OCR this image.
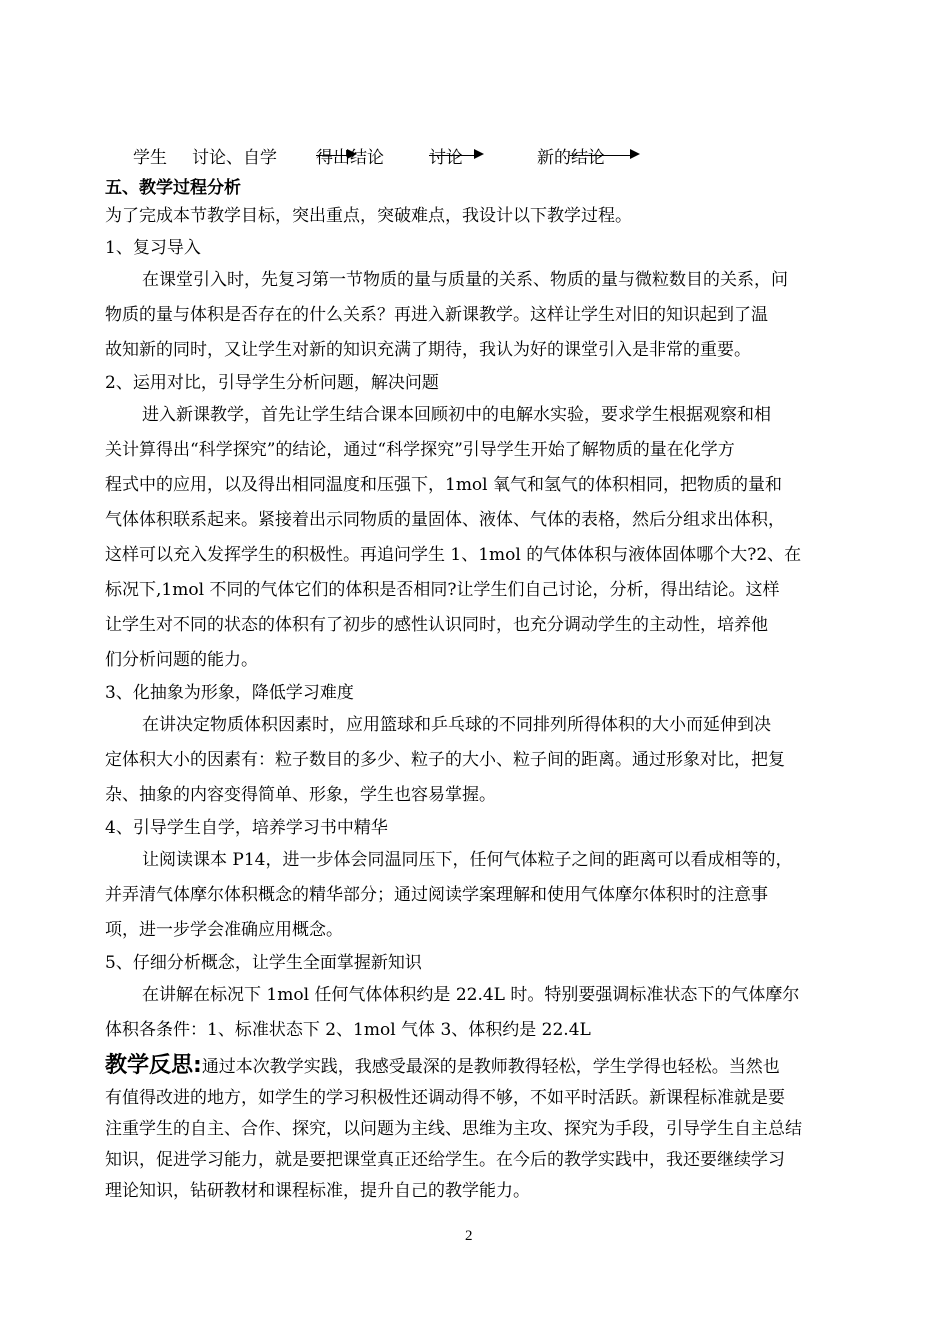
学生 讨论、自学 得出结论	讨论	新的结论
五、教学过程分析
为了完成本节教学目标，突出重点，突破难点，我设计以下教学过程。
1、复习导入
在课堂引入时，先复习第一节物质的量与质量的关系、物质的量与微粒数目的关系，问
物质的量与体积是否存在的什么关系？再进入新课教学。这样让学生对旧的知识起到了温
故知新的同时，又让学生对新的知识充满了期待，我认为好的课堂引入是非常的重要。
2、运用对比，引导学生分析问题，解决问题
进入新课教学，首先让学生结合课本回顾初中的电解水实验，要求学生根据观察和相
关计算得出“科学探究”的结论，通过“科学探究”引导学生开始了解物质的量在化学方
程式中的应用，以及得出相同温度和压强下，1mol 氧气和氢气的体积相同，把物质的量和
气体体积联系起来。紧接着出示同物质的量固体、液体、气体的表格，然后分组求出体积，
这样可以充入发挥学生的积极性。再追问学生 1、1mol 的气体体积与液体固体哪个大?2、在
标况下,1mol 不同的气体它们的体积是否相同?让学生们自己讨论，分析，得出结论。这样
让学生对不同的状态的体积有了初步的感性认识同时，也充分调动学生的主动性，培养他
们分析问题的能力。
3、化抽象为形象，降低学习难度
在讲决定物质体积因素时，应用篮球和乒乓球的不同排列所得体积的大小而延伸到决
定体积大小的因素有：粒子数目的多少、粒子的大小、粒子间的距离。通过形象对比，把复
杂、抽象的内容变得简单、形象，学生也容易掌握。
4、引导学生自学，培养学习书中精华
让阅读课本 P14，进一步体会同温同压下，任何气体粒子之间的距离可以看成相等的，
并弄清气体摩尔体积概念的精华部分；通过阅读学案理解和使用气体摩尔体积时的注意事
项，进一步学会准确应用概念。
5、仔细分析概念，让学生全面掌握新知识
在讲解在标况下 1mol 任何气体体积约是 22.4L 时。特别要强调标准状态下的气体摩尔
体积各条件：1、标准状态下 2、1mol 气体 3、体积约是 22.4L
教学反思:通过本次教学实践，我感受最深的是教师教得轻松，学生学得也轻松。当然也
有值得改进的地方，如学生的学习积极性还调动得不够，不如平时活跃。新课程标准就是要
注重学生的自主、合作、探究，以问题为主线、思维为主攻、探究为手段，引导学生自主总结
知识，促进学习能力，就是要把课堂真正还给学生。在今后的教学实践中，我还要继续学习
理论知识，钻研教材和课程标准，提升自己的教学能力。
2
